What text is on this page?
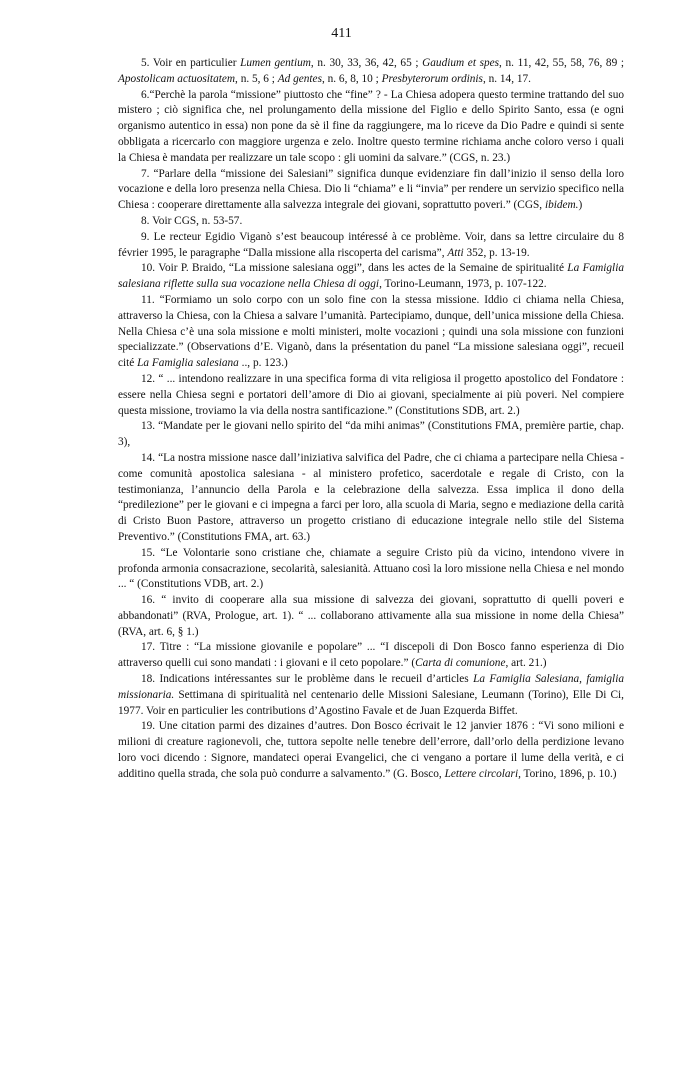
411

5. Voir en particulier Lumen gentium, n. 30, 33, 36, 42, 65 ; Gaudium et spes, n. 11, 42, 55, 58, 76, 89 ; Apostolicam actuositatem, n. 5, 6 ; Ad gentes, n. 6, 8, 10 ; Presbyterorum ordinis, n. 14, 17.

6.“Perchè la parola “missione” piuttosto che “fine” ? - La Chiesa adopera questo termine trattando del suo mistero ; ciò significa che, nel prolungamento della missione del Figlio e dello Spirito Santo, essa (e ogni organismo autentico in essa) non pone da sè il fine da raggiungere, ma lo riceve da Dio Padre e quindi si sente obbligata a ricercarlo con maggiore urgenza e zelo. Inoltre questo termine richiama anche coloro verso i quali la Chiesa è mandata per realizzare un tale scopo : gli uomini da salvare.” (CGS, n. 23.)

7. “Parlare della “missione dei Salesiani” significa dunque evidenziare fin dall’inizio il senso della loro vocazione e della loro presenza nella Chiesa. Dio li “chiama” e li “invia” per rendere un servizio specifico nella Chiesa : cooperare direttamente alla salvezza integrale dei giovani, soprattutto poveri.” (CGS, ibidem.)

8. Voir CGS, n. 53-57.

9. Le recteur Egidio Viganò s’est beaucoup intéressé à ce problème. Voir, dans sa lettre circulaire du 8 février 1995, le paragraphe “Dalla missione alla riscoperta del carisma”, Atti 352, p. 13-19.

10. Voir P. Braido, “La missione salesiana oggi”, dans les actes de la Semaine de spiritualité La Famiglia salesiana riflette sulla sua vocazione nella Chiesa di oggi, Torino-Leumann, 1973, p. 107-122.

11. “Formiamo un solo corpo con un solo fine con la stessa missione. Iddio ci chiama nella Chiesa, attraverso la Chiesa, con la Chiesa a salvare l’umanità. Partecipiamo, dunque, dell’unica missione della Chiesa. Nella Chiesa c’è una sola missione e molti ministeri, molte vocazioni ; quindi una sola missione con funzioni specializzate.” (Observations d’E. Viganò, dans la présentation du panel “La missione salesiana oggi”, recueil cité La Famiglia salesiana .., p. 123.)

12. “ ... intendono realizzare in una specifica forma di vita religiosa il progetto apostolico del Fondatore : essere nella Chiesa segni e portatori dell’amore di Dio ai giovani, specialmente ai più poveri. Nel compiere questa missione, troviamo la via della nostra santificazione.” (Constitutions SDB, art. 2.)

13. “Mandate per le giovani nello spirito del “da mihi animas” (Constitutions FMA, première partie, chap. 3),

14. “La nostra missione nasce dall’iniziativa salvifica del Padre, che ci chiama a partecipare nella Chiesa - come comunità apostolica salesiana - al ministero profetico, sacerdotale e regale di Cristo, con la testimonianza, l’annuncio della Parola e la celebrazione della salvezza. Essa implica il dono della “predilezione” per le giovani e ci impegna a farci per loro, alla scuola di Maria, segno e mediazione della carità di Cristo Buon Pastore, attraverso un progetto cristiano di educazione integrale nello stile del Sistema Preventivo.” (Constitutions FMA, art. 63.)

15. “Le Volontarie sono cristiane che, chiamate a seguire Cristo più da vicino, intendono vivere in profonda armonia consacrazione, secolarità, salesianità. Attuano così la loro missione nella Chiesa e nel mondo ... “ (Constitutions VDB, art. 2.)

16. “ invito di cooperare alla sua missione di salvezza dei giovani, soprattutto di quelli poveri e abbandonati” (RVA, Prologue, art. 1). “ ... collaborano attivamente alla sua missione in nome della Chiesa” (RVA, art. 6, § 1.)

17. Titre : “La missione giovanile e popolare” ... “I discepoli di Don Bosco fanno esperienza di Dio attraverso quelli cui sono mandati : i giovani e il ceto popolare.” (Carta di comunione, art. 21.)

18. Indications intéressantes sur le problème dans le recueil d’articles La Famiglia Salesiana, famiglia missionaria. Settimana di spiritualità nel centenario delle Missioni Salesiane, Leumann (Torino), Elle Di Ci, 1977. Voir en particulier les contributions d’Agostino Favale et de Juan Ezquerda Biffet.

19. Une citation parmi des dizaines d’autres. Don Bosco écrivait le 12 janvier 1876 : “Vi sono milioni e milioni di creature ragionevoli, che, tuttora sepolte nelle tenebre dell’errore, dall’orlo della perdizione levano loro voci dicendo : Signore, mandateci operai Evangelici, che ci vengano a portare il lume della verità, e ci additino quella strada, che sola può condurre a salvamento.” (G. Bosco, Lettere circolari, Torino, 1896, p. 10.)
